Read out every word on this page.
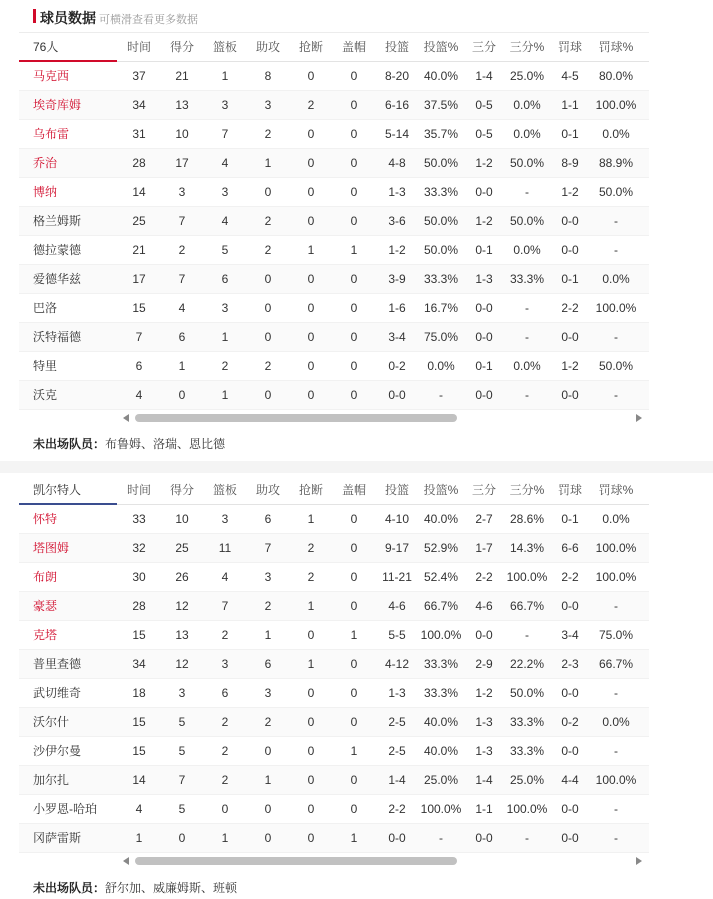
球员数据 可横滑查看更多数据
76人	时间	得分	篮板	助攻	抢断	盖帽	投篮	投篮%	三分	三分%	罚球	罚球%	
马克西	37	21	1	8	0	0	8-20	40.0%	1-4	25.0%	4-5	80.0%	
埃奇库姆	34	13	3	3	2	0	6-16	37.5%	0-5	0.0%	1-1	100.0%	
乌布雷	31	10	7	2	0	0	5-14	35.7%	0-5	0.0%	0-1	0.0%	
乔治	28	17	4	1	0	0	4-8	50.0%	1-2	50.0%	8-9	88.9%	
博纳	14	3	3	0	0	0	1-3	33.3%	0-0	-	1-2	50.0%	
格兰姆斯	25	7	4	2	0	0	3-6	50.0%	1-2	50.0%	0-0	-	
德拉蒙德	21	2	5	2	1	1	1-2	50.0%	0-1	0.0%	0-0	-	
爱德华兹	17	7	6	0	0	0	3-9	33.3%	1-3	33.3%	0-1	0.0%	
巴洛	15	4	3	0	0	0	1-6	16.7%	0-0	-	2-2	100.0%	
沃特福德	7	6	1	0	0	0	3-4	75.0%	0-0	-	0-0	-	
特里	6	1	2	2	0	0	0-2	0.0%	0-1	0.0%	1-2	50.0%	
沃克	4	0	1	0	0	0	0-0	-	0-0	-	0-0	-	
未出场队员：布鲁姆、洛瑞、恩比德
凯尔特人	时间	得分	篮板	助攻	抢断	盖帽	投篮	投篮%	三分	三分%	罚球	罚球%	
怀特	33	10	3	6	1	0	4-10	40.0%	2-7	28.6%	0-1	0.0%	
塔图姆	32	25	11	7	2	0	9-17	52.9%	1-7	14.3%	6-6	100.0%	
布朗	30	26	4	3	2	0	11-21	52.4%	2-2	100.0%	2-2	100.0%	
豪瑟	28	12	7	2	1	0	4-6	66.7%	4-6	66.7%	0-0	-	
克塔	15	13	2	1	0	1	5-5	100.0%	0-0	-	3-4	75.0%	
普里查德	34	12	3	6	1	0	4-12	33.3%	2-9	22.2%	2-3	66.7%	
武切维奇	18	3	6	3	0	0	1-3	33.3%	1-2	50.0%	0-0	-	
沃尔什	15	5	2	2	0	0	2-5	40.0%	1-3	33.3%	0-2	0.0%	
沙伊尔曼	15	5	2	0	0	1	2-5	40.0%	1-3	33.3%	0-0	-	
加尔扎	14	7	2	1	0	0	1-4	25.0%	1-4	25.0%	4-4	100.0%	
小罗恩-哈珀	4	5	0	0	0	0	2-2	100.0%	1-1	100.0%	0-0	-	
冈萨雷斯	1	0	1	0	0	1	0-0	-	0-0	-	0-0	-	
未出场队员：舒尔加、威廉姆斯、班顿
